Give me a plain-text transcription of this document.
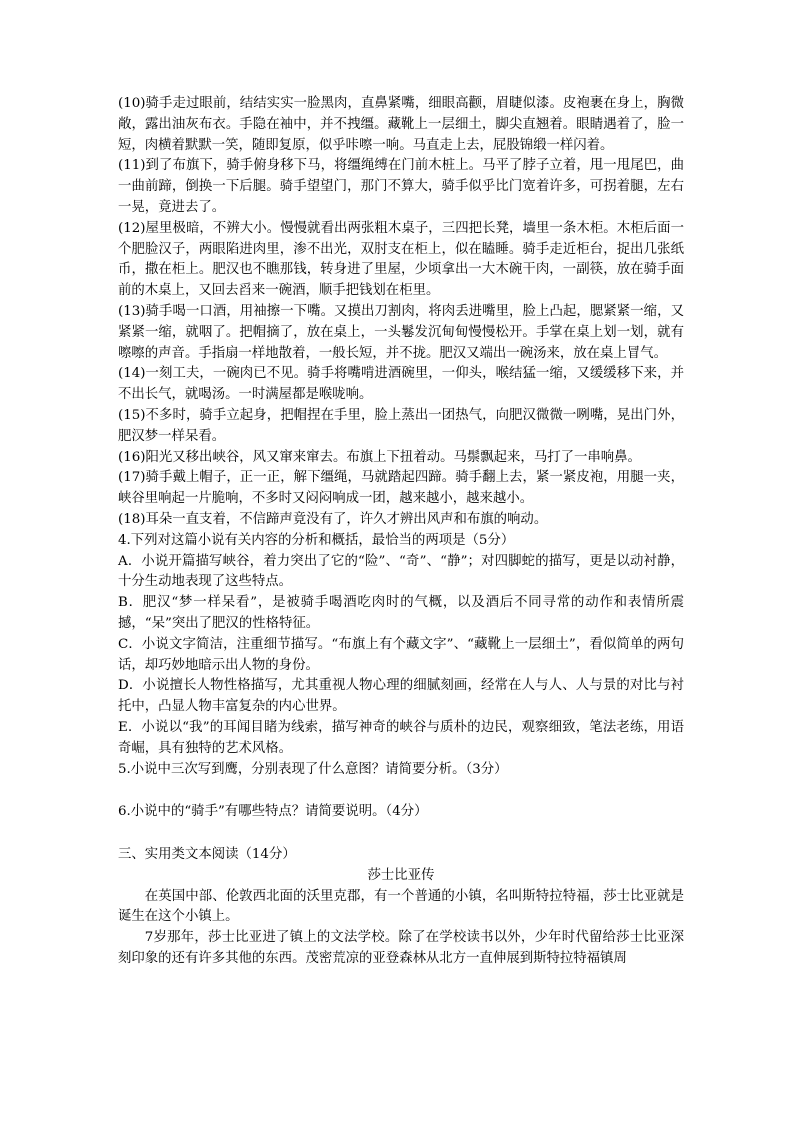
(10)骑手走过眼前，结结实实一脸黑肉，直鼻紧嘴，细眼高颧，眉睫似漆。皮袍裹在身上，胸微敞，露出油灰布衣。手隐在袖中，并不拽缰。藏靴上一层细土，脚尖直翘着。眼睛遇着了，脸一短，肉横着默默一笑，随即复原，似乎咔嚓一响。马直走上去，屁股锦缎一样闪着。

(11)到了布旗下，骑手俯身移下马，将缰绳缚在门前木桩上。马平了脖子立着，甩一甩尾巴，曲一曲前蹄，倒换一下后腿。骑手望望门，那门不算大，骑手似乎比门宽着许多，可拐着腿，左右一晃，竟进去了。

(12)屋里极暗，不辨大小。慢慢就看出两张粗木桌子，三四把长凳，墙里一条木柜。木柜后面一个肥脸汉子，两眼陷进肉里，渗不出光，双肘支在柜上，似在瞌睡。骑手走近柜台，捉出几张纸币，撒在柜上。肥汉也不瞧那钱，转身进了里屋，少顷拿出一大木碗干肉，一副筷，放在骑手面前的木桌上，又回去舀来一碗酒，顺手把钱划在柜里。

(13)骑手喝一口酒，用袖擦一下嘴。又摸出刀割肉，将肉丢进嘴里，脸上凸起，腮紧紧一缩，又紧紧一缩，就咽了。把帽摘了，放在桌上，一头鬈发沉甸甸慢慢松开。手掌在桌上划一划，就有嚓嚓的声音。手指扇一样地散着，一般长短，并不拢。肥汉又端出一碗汤来，放在桌上冒气。

(14)一刻工夫，一碗肉已不见。骑手将嘴啃进酒碗里，一仰头，喉结猛一缩，又缓缓移下来，并不出长气，就喝汤。一时满屋都是喉咙响。

(15)不多时，骑手立起身，把帽捏在手里，脸上蒸出一团热气，向肥汉微微一咧嘴，晃出门外，肥汉梦一样呆看。

(16)阳光又移出峡谷，风又窜来窜去。布旗上下扭着动。马鬃飘起来，马打了一串响鼻。

(17)骑手戴上帽子，正一正，解下缰绳，马就踏起四蹄。骑手翻上去，紧一紧皮袍，用腿一夹，峡谷里响起一片脆响，不多时又闷闷响成一团，越来越小，越来越小。

(18)耳朵一直支着，不信蹄声竟没有了，许久才辨出风声和布旗的响动。

4.下列对这篇小说有关内容的分析和概括，最恰当的两项是（5分）

A．小说开篇描写峡谷，着力突出了它的“险”、“奇”、“静”；对四脚蛇的描写，更是以动衬静，十分生动地表现了这些特点。

B．肥汉“梦一样呆看”，是被骑手喝酒吃肉时的气概，以及酒后不同寻常的动作和表情所震撼，“呆”突出了肥汉的性格特征。

C．小说文字简洁，注重细节描写。“布旗上有个藏文字”、“藏靴上一层细土”，看似简单的两句话，却巧妙地暗示出人物的身份。

D．小说擅长人物性格描写，尤其重视人物心理的细腻刻画，经常在人与人、人与景的对比与衬托中，凸显人物丰富复杂的内心世界。

E．小说以“我”的耳闻目睹为线索，描写神奇的峡谷与质朴的边民，观察细致，笔法老练，用语奇崛，具有独特的艺术风格。

5.小说中三次写到鹰，分别表现了什么意图？请简要分析。（3分）

6.小说中的“骑手”有哪些特点？请简要说明。（4分）

三、实用类文本阅读（14分）

莎士比亚传

在英国中部、伦敦西北面的沃里克郡，有一个普通的小镇，名叫斯特拉特福，莎士比亚就是诞生在这个小镇上。

7岁那年，莎士比亚进了镇上的文法学校。除了在学校读书以外，少年时代留给莎士比亚深刻印象的还有许多其他的东西。茂密荒凉的亚登森林从北方一直伸展到斯特拉特福镇周
